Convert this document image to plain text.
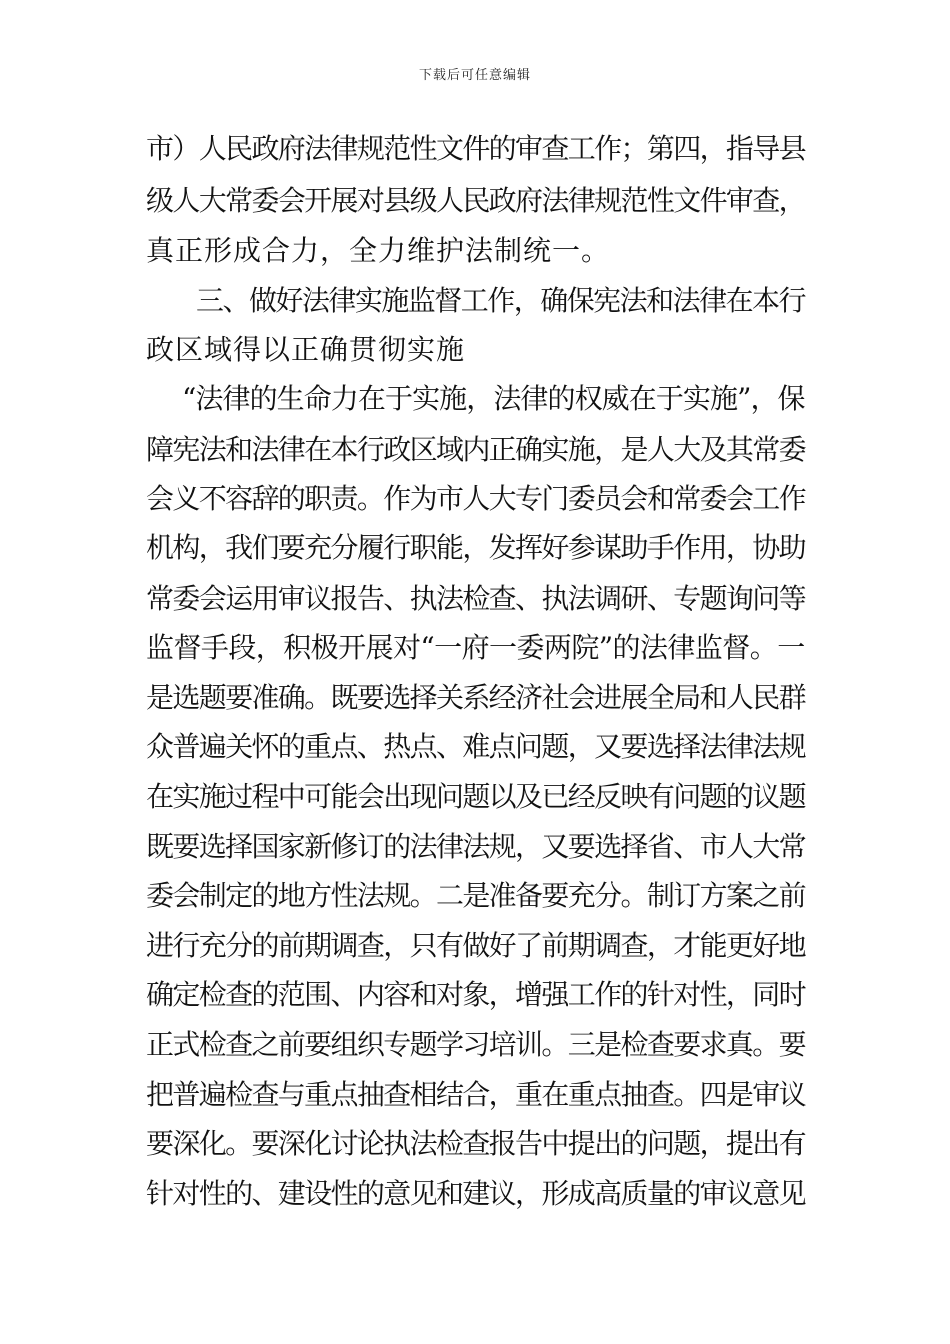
下载后可任意编辑
市）人民政府法律规范性文件的审查工作；第四，指导县
级人大常委会开展对县级人民政府法律规范性文件审查，
真正形成合力，全力维护法制统一。
三、做好法律实施监督工作，确保宪法和法律在本行
政区域得以正确贯彻实施
“法律的生命力在于实施，法律的权威在于实施”，保
障宪法和法律在本行政区域内正确实施，是人大及其常委
会义不容辞的职责。作为市人大专门委员会和常委会工作
机构，我们要充分履行职能，发挥好参谋助手作用，协助
常委会运用审议报告、执法检查、执法调研、专题询问等
监督手段，积极开展对“一府一委两院”的法律监督。一
是选题要准确。既要选择关系经济社会进展全局和人民群
众普遍关怀的重点、热点、难点问题，又要选择法律法规
在实施过程中可能会出现问题以及已经反映有问题的议题
既要选择国家新修订的法律法规，又要选择省、市人大常
委会制定的地方性法规。二是准备要充分。制订方案之前
进行充分的前期调查，只有做好了前期调查，才能更好地
确定检查的范围、内容和对象，增强工作的针对性，同时
正式检查之前要组织专题学习培训。三是检查要求真。要
把普遍检查与重点抽查相结合，重在重点抽查。四是审议
要深化。要深化讨论执法检查报告中提出的问题，提出有
针对性的、建设性的意见和建议，形成高质量的审议意见
